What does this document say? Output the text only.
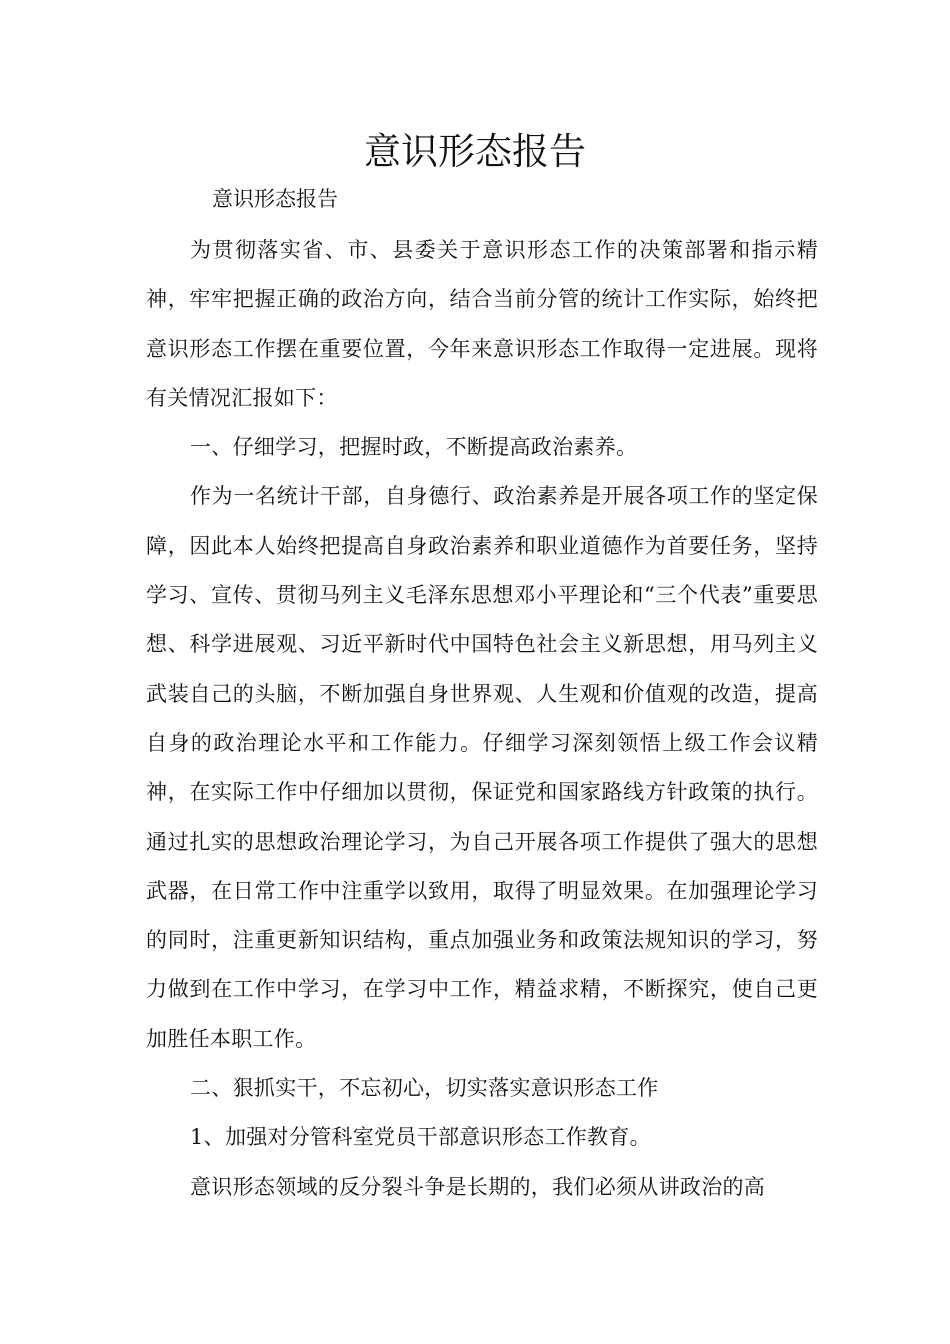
意识形态报告

意识形态报告

为贯彻落实省、市、县委关于意识形态工作的决策部署和指示精神，牢牢把握正确的政治方向，结合当前分管的统计工作实际，始终把意识形态工作摆在重要位置，今年来意识形态工作取得一定进展。现将有关情况汇报如下：

一、仔细学习，把握时政，不断提高政治素养。

作为一名统计干部，自身德行、政治素养是开展各项工作的坚定保障，因此本人始终把提高自身政治素养和职业道德作为首要任务，坚持学习、宣传、贯彻马列主义毛泽东思想邓小平理论和“三个代表”重要思想、科学进展观、习近平新时代中国特色社会主义新思想，用马列主义武装自己的头脑，不断加强自身世界观、人生观和价值观的改造，提高自身的政治理论水平和工作能力。仔细学习深刻领悟上级工作会议精神，在实际工作中仔细加以贯彻，保证党和国家路线方针政策的执行。通过扎实的思想政治理论学习，为自己开展各项工作提供了强大的思想武器，在日常工作中注重学以致用，取得了明显效果。在加强理论学习的同时，注重更新知识结构，重点加强业务和政策法规知识的学习，努力做到在工作中学习，在学习中工作，精益求精，不断探究，使自己更加胜任本职工作。

二、狠抓实干，不忘初心，切实落实意识形态工作

1、加强对分管科室党员干部意识形态工作教育。

意识形态领域的反分裂斗争是长期的，我们必须从讲政治的高
